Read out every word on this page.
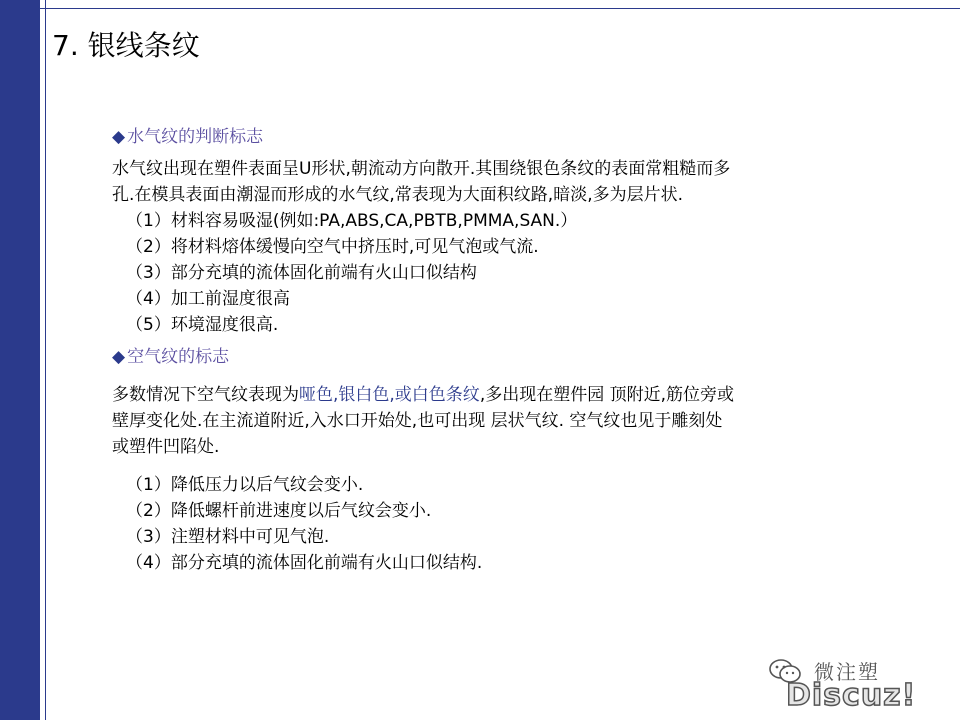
7. 银线条纹
◆ 水气纹的判断标志
水气纹出现在塑件表面呈U形状,朝流动方向散开.其围绕银色条纹的表面常粗糙而多
孔.在模具表面由潮湿而形成的水气纹,常表现为大面积纹路,暗淡,多为层片状.
（1）材料容易吸湿(例如:PA,ABS,CA,PBTB,PMMA,SAN.）
（2）将材料熔体缓慢向空气中挤压时,可见气泡或气流.
（3）部分充填的流体固化前端有火山口似结构
（4）加工前湿度很高
（5）环境湿度很高.
◆ 空气纹的标志
多数情况下空气纹表现为哑色,银白色,或白色条纹,多出现在塑件园 顶附近,筋位旁或
壁厚变化处.在主流道附近,入水口开始处,也可出现 层状气纹. 空气纹也见于雕刻处
或塑件凹陷处.
（1）降低压力以后气纹会变小.
（2）降低螺杆前进速度以后气纹会变小.
（3）注塑材料中可见气泡.
（4）部分充填的流体固化前端有火山口似结构.
微注塑
Discuz!
